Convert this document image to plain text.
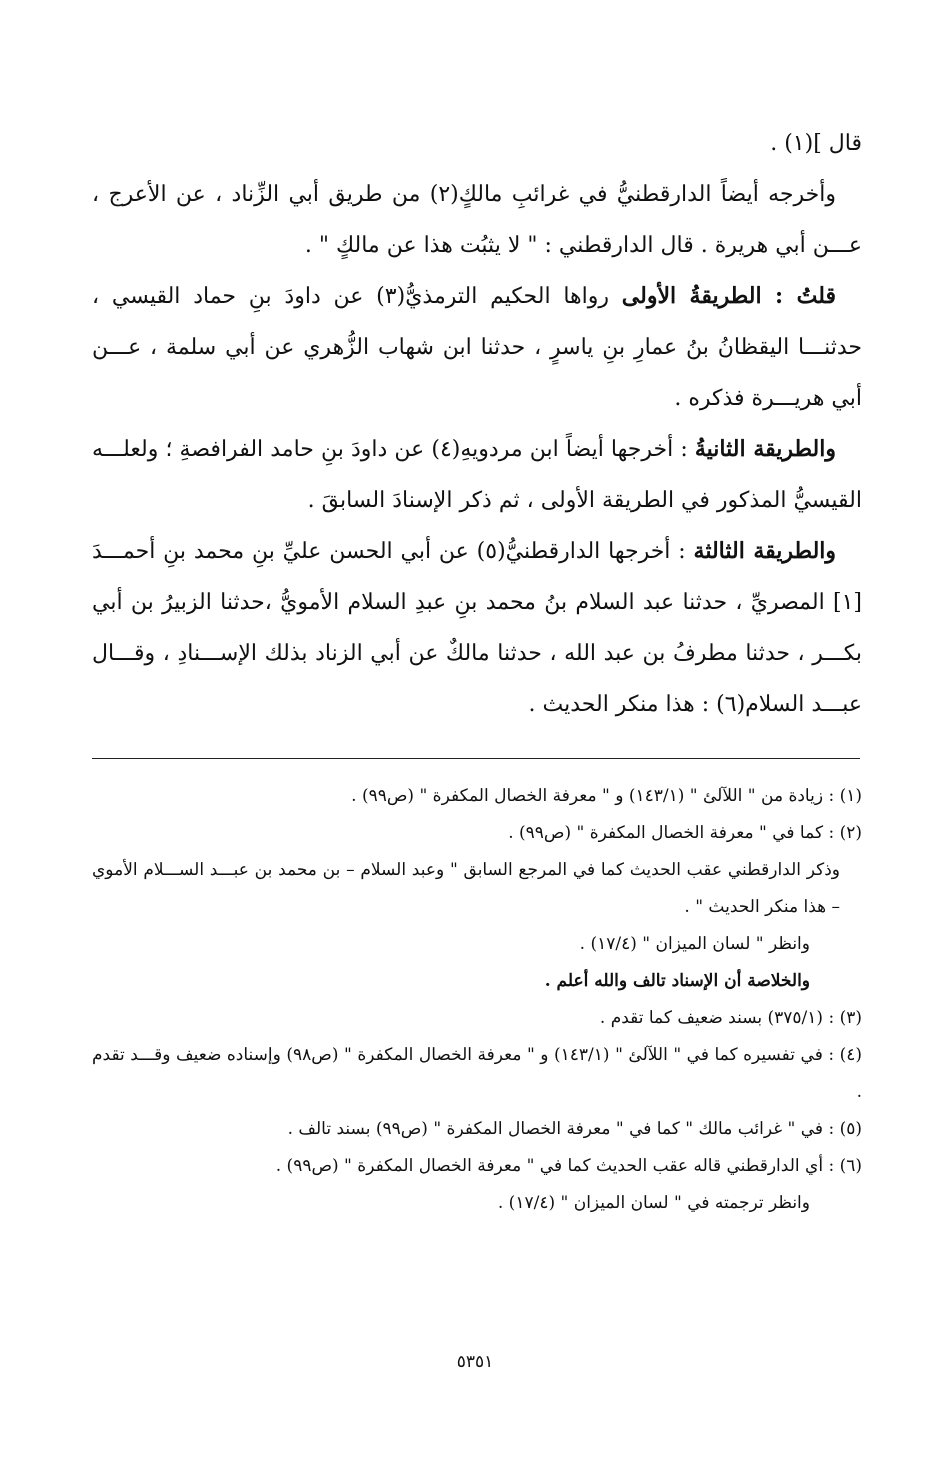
قال ](١) .

وأخرجه أيضاً الدارقطنيُّ في غرائبِ مالكٍ(٢) من طريق أبي الزِّناد ، عن الأعرج ، عـــن أبي هريرة . قال الدارقطني : " لا يثبُت هذا عن مالكٍ " .

قلتُ : الطريقةُ الأولى رواها الحكيم الترمذيُّ(٣) عن داودَ بنِ حماد القيسي ، حدثنـــا اليقظانُ بنُ عمارِ بنِ ياسرٍ ، حدثنا ابن شهاب الزُّهري عن أبي سلمة ، عـــن أبي هريـــرة فذكره .

والطريقة الثانيةُ : أخرجها أيضاً ابن مردويهِ(٤) عن داودَ بنِ حامد الفرافصةِ ؛ ولعلـــه القيسيُّ المذكور في الطريقة الأولى ، ثم ذكر الإسنادَ السابقَ .

والطريقة الثالثة : أخرجها الدارقطنيُّ(٥) عن أبي الحسن عليِّ بنِ محمد بنِ أحمـــدَ [١] المصريِّ ، حدثنا عبد السلام بنُ محمد بنِ عبدِ السلام الأمويُّ ،حدثنا الزبيرُ بن أبي بكـــر ، حدثنا مطرفُ بن عبد الله ، حدثنا مالكٌ عن أبي الزناد بذلك الإســـنادِ ، وقـــال عبـــد السلام(٦) : هذا منكر الحديث .

(١) : زيادة من " اللآلئ " (١٤٣/١) و " معرفة الخصال المكفرة " (ص٩٩) .

(٢) : كما في " معرفة الخصال المكفرة " (ص٩٩) .

وذكر الدارقطني عقب الحديث كما في المرجع السابق " وعبد السلام – بن محمد بن عبـــد الســـلام الأموي – هذا منكر الحديث " .

وانظر " لسان الميزان " (١٧/٤) .

والخلاصة أن الإسناد تالف والله أعلم .

(٣) : (٣٧٥/١) بسند ضعيف كما تقدم .

(٤) : في تفسيره كما في " اللآلئ " (١٤٣/١) و " معرفة الخصال المكفرة " (ص٩٨) وإسناده ضعيف وقـــد تقدم .

(٥) : في " غرائب مالك " كما في " معرفة الخصال المكفرة " (ص٩٩) بسند تالف .

(٦) : أي الدارقطني قاله عقب الحديث كما في " معرفة الخصال المكفرة " (ص٩٩) .

وانظر ترجمته في " لسان الميزان " (١٧/٤) .

٥٣٥١
